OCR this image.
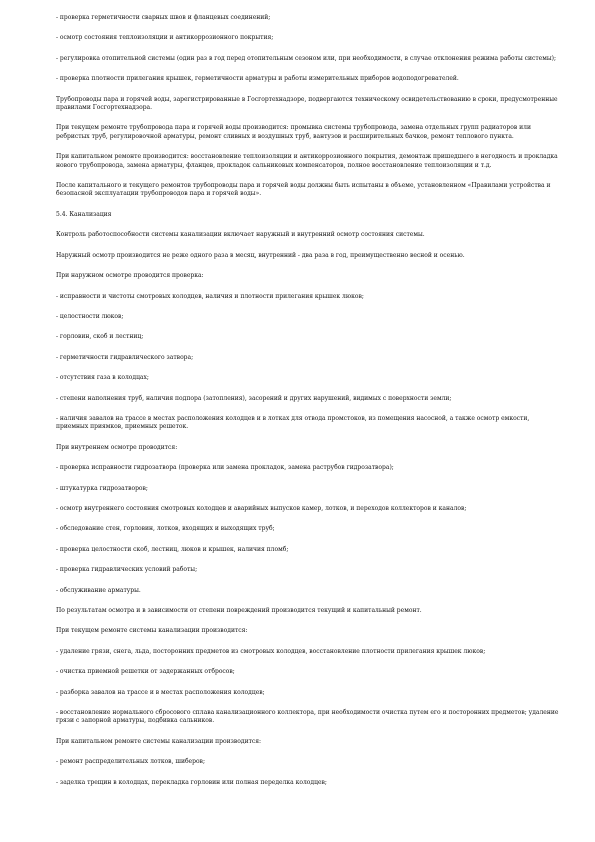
- проверка герметичности сварных швов и фланцевых соединений;

- осмотр состояния теплоизоляции и антикоррозионного покрытия;

- регулировка отопительной системы (один раз в год перед отопительным сезоном или, при необходимости, в случае отклонения режима работы системы);

- проверка плотности прилегания крышек, герметичности арматуры и работы измерительных приборов водоподогревателей.

Трубопроводы пара и горячей воды, зарегистрированные в Госгортехнадзоре, подвергаются техническому освидетельствованию в сроки, предусмотренные правилами Госгортехнадзора.

При текущем ремонте трубопровода пара и горячей воды производится: промывка системы трубопровода, замена отдельных групп радиаторов или ребристых труб, регулировочной арматуры, ремонт сливных и воздушных труб, вантузов и расширительных бачков, ремонт теплового пункта.

При капитальном ремонте производится: восстановление теплоизоляции и антикоррозионного покрытия, демонтаж пришедшего в негодность и прокладка нового трубопровода, замена арматуры, фланцев, прокладок сальниковых компенсаторов, полное восстановление теплоизоляции и т.д.

После капитального и текущего ремонтов трубопроводы пара и горячей воды должны быть испытаны в объеме, установленном «Правилами устройства и безопасной эксплуатации трубопроводов пара и горячей воды».

5.4. Канализация

Контроль работоспособности системы канализации включает наружный и внутренний осмотр состояния системы.

Наружный осмотр производится не реже одного раза в месяц, внутренний - два раза в год, преимущественно весной и осенью.

При наружном осмотре проводится проверка:

- исправности и чистоты смотровых колодцев, наличия и плотности прилегания крышек люков;

- целостности люков;

- горловин, скоб и лестниц;

- герметичности гидравлического затвора;

- отсутствия газа в колодцах;

- степени наполнения труб, наличия подпора (затопления), засорений и других нарушений, видимых с поверхности земли;

- наличия завалов на трассе в местах расположения колодцев и в лотках для отвода промстоков, из помещения насосной, а также осмотр емкости, приемных приямков, приемных решеток.

При внутреннем осмотре проводится:

- проверка исправности гидрозатвора (проверка или замена прокладок, замена раструбов гидрозатвора);

- штукатурка гидрозатворов;

- осмотр внутреннего состояния смотровых колодцев и аварийных выпусков камер, лотков, и переходов коллекторов и каналов;

- обследование стен, горловин, лотков, входящих и выходящих труб;

- проверка целостности скоб, лестниц, люков и крышек, наличия пломб;

- проверка гидравлических условий работы;

- обслуживание арматуры.

По результатам осмотра и в зависимости от степени повреждений производится текущий и капитальный ремонт.

При текущем ремонте системы канализации производится:

- удаление грязи, снега, льда, посторонних предметов из смотровых колодцев, восстановление плотности прилегания крышек люков;

- очистка приемной решетки от задержанных отбросов;

- разборка завалов на трассе и в местах расположения колодцев;

- восстановление нормального сбросового сплава канализационного коллектора, при необходимости очистка путем его и посторонних предметов; удаление грязи с запорной арматуры, подбивка сальников.

При капитальном ремонте системы канализации производится:

- ремонт распределительных лотков, шиберов;

- заделка трещин в колодцах, перекладка горловин или полная переделка колодцев;
